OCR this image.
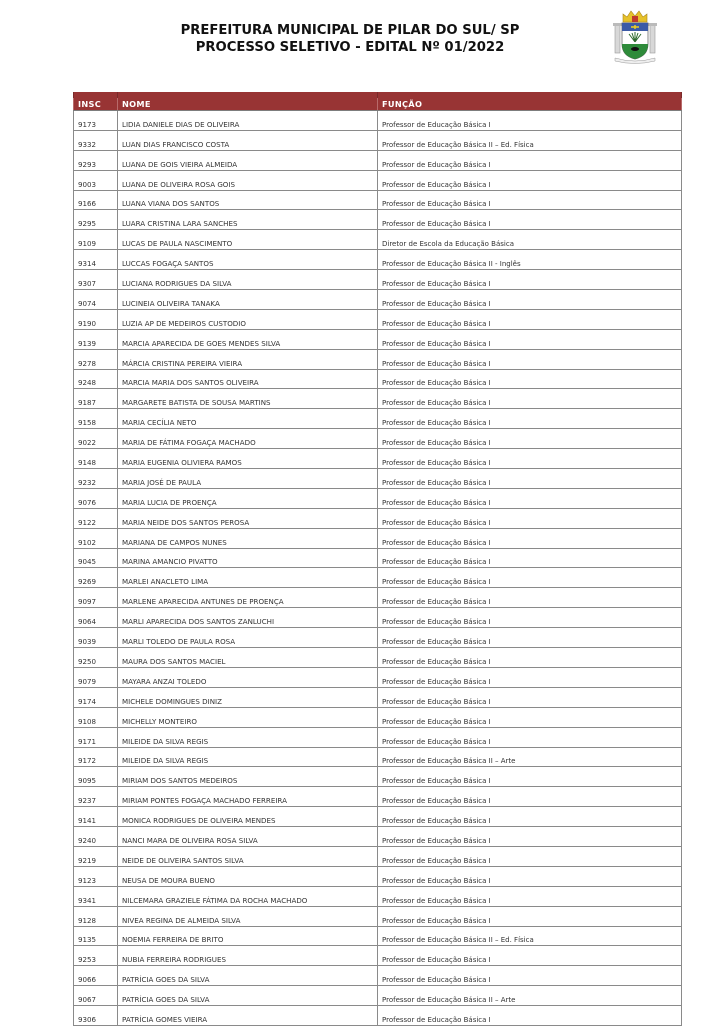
PREFEITURA MUNICIPAL DE PILAR DO SUL/ SP
PROCESSO SELETIVO - EDITAL Nº 01/2022

INSC	NOME	FUNÇÃO
9173	LIDIA DANIELE DIAS DE OLIVEIRA	Professor de Educação Básica I
9332	LUAN DIAS FRANCISCO COSTA	Professor de Educação Básica II – Ed. Física
9293	LUANA DE GOIS VIEIRA ALMEIDA	Professor de Educação Básica I
9003	LUANA DE OLIVEIRA ROSA GOIS	Professor de Educação Básica I
9166	LUANA VIANA DOS SANTOS	Professor de Educação Básica I
9295	LUARA CRISTINA LARA SANCHES	Professor de Educação Básica I
9109	LUCAS DE PAULA NASCIMENTO	Diretor de Escola da Educação Básica
9314	LUCCAS FOGAÇA SANTOS	Professor de Educação Básica II - Inglês
9307	LUCIANA RODRIGUES DA SILVA	Professor de Educação Básica I
9074	LUCINEIA OLIVEIRA TANAKA	Professor de Educação Básica I
9190	LUZIA AP DE MEDEIROS CUSTODIO	Professor de Educação Básica I
9139	MARCIA APARECIDA DE GOES MENDES SILVA	Professor de Educação Básica I
9278	MÁRCIA CRISTINA PEREIRA VIEIRA	Professor de Educação Básica I
9248	MARCIA MARIA DOS SANTOS OLIVEIRA	Professor de Educação Básica I
9187	MARGARETE BATISTA DE SOUSA MARTINS	Professor de Educação Básica I
9158	MARIA CECÍLIA NETO	Professor de Educação Básica I
9022	MARIA DE FÁTIMA FOGAÇA MACHADO	Professor de Educação Básica I
9148	MARIA EUGENIA OLIVIERA RAMOS	Professor de Educação Básica I
9232	MARIA JOSÉ DE PAULA	Professor de Educação Básica I
9076	MARIA LUCIA DE PROENÇA	Professor de Educação Básica I
9122	MARIA NEIDE DOS SANTOS PEROSA	Professor de Educação Básica I
9102	MARIANA DE CAMPOS NUNES	Professor de Educação Básica I
9045	MARINA AMANCIO PIVATTO	Professor de Educação Básica I
9269	MARLEI ANACLETO LIMA	Professor de Educação Básica I
9097	MARLENE APARECIDA ANTUNES DE PROENÇA	Professor de Educação Básica I
9064	MARLI APARECIDA DOS SANTOS ZANLUCHI	Professor de Educação Básica I
9039	MARLI TOLEDO DE PAULA ROSA	Professor de Educação Básica I
9250	MAURA DOS SANTOS MACIEL	Professor de Educação Básica I
9079	MAYARA ANZAI TOLEDO	Professor de Educação Básica I
9174	MICHELE DOMINGUES DINIZ	Professor de Educação Básica I
9108	MICHELLY MONTEIRO	Professor de Educação Básica I
9171	MILEIDE DA SILVA REGIS	Professor de Educação Básica I
9172	MILEIDE DA SILVA REGIS	Professor de Educação Básica II – Arte
9095	MIRIAM DOS SANTOS MEDEIROS	Professor de Educação Básica I
9237	MIRIAM PONTES FOGAÇA MACHADO FERREIRA	Professor de Educação Básica I
9141	MONICA RODRIGUES DE OLIVEIRA MENDES	Professor de Educação Básica I
9240	NANCI MARA DE OLIVEIRA ROSA SILVA	Professor de Educação Básica I
9219	NEIDE DE OLIVEIRA SANTOS SILVA	Professor de Educação Básica I
9123	NEUSA DE MOURA BUENO	Professor de Educação Básica I
9341	NILCEMARA GRAZIELE FÁTIMA DA ROCHA MACHADO	Professor de Educação Básica I
9128	NIVEA REGINA DE ALMEIDA SILVA	Professor de Educação Básica I
9135	NOEMIA FERREIRA DE BRITO	Professor de Educação Básica II – Ed. Física
9253	NUBIA FERREIRA RODRIGUES	Professor de Educação Básica I
9066	PATRÍCIA GOES DA SILVA	Professor de Educação Básica I
9067	PATRÍCIA GOES DA SILVA	Professor de Educação Básica II – Arte
9306	PATRÍCIA GOMES VIEIRA	Professor de Educação Básica I
